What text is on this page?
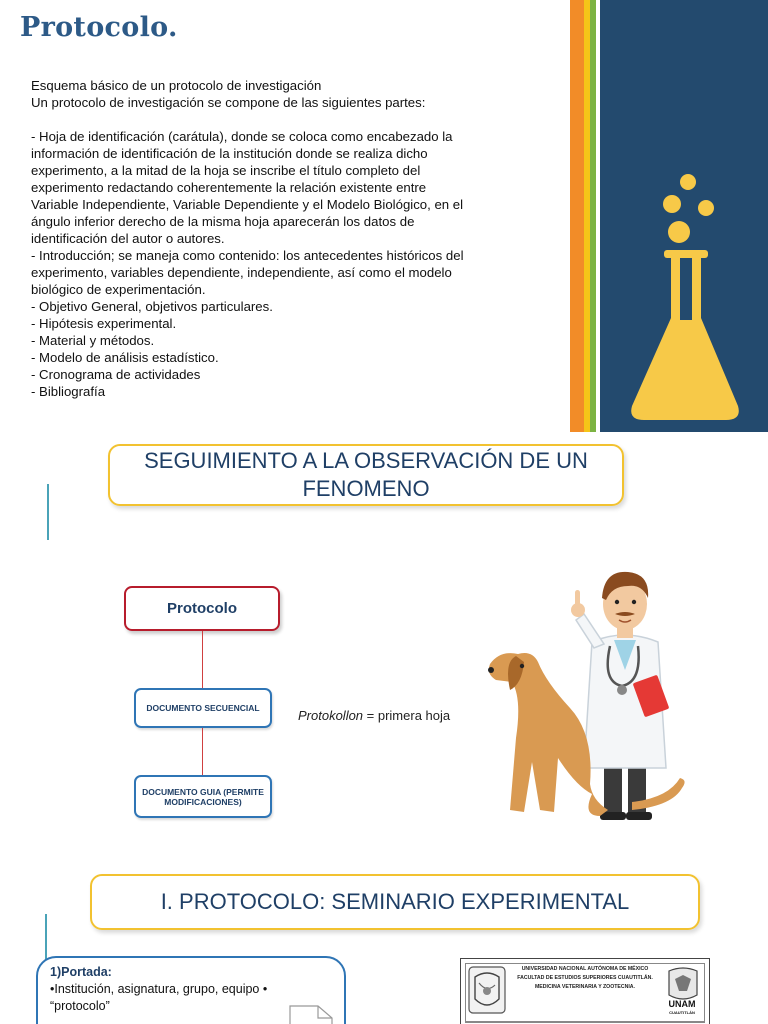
Protocolo.
Esquema básico de un protocolo de investigación
Un protocolo de investigación se compone de las siguientes partes:
- Hoja de identificación (carátula), donde se coloca como encabezado la
información de identificación de la institución donde se realiza dicho
experimento, a la mitad de la hoja se inscribe el título completo del
experimento redactando coherentemente la relación existente entre
Variable Independiente, Variable Dependiente y el Modelo Biológico, en el
ángulo inferior derecho de la misma hoja aparecerán los datos de
identificación del autor o autores.
- Introducción; se maneja como contenido: los antecedentes históricos del
experimento, variables dependiente, independiente, así como el modelo
biológico de experimentación.
- Objetivo General, objetivos particulares.
- Hipótesis experimental.
- Material y métodos.
- Modelo de análisis estadístico.
- Cronograma de actividades
- Bibliografía
SEGUIMIENTO A LA OBSERVACIÓN DE UN FENOMENO
Protocolo
DOCUMENTO SECUENCIAL
DOCUMENTO GUIA (PERMITE MODIFICACIONES)
Protokollon = primera hoja
I. PROTOCOLO: SEMINARIO EXPERIMENTAL
1)Portada:
•Institución, asignatura, grupo, equipo •
“protocolo”
UNIVERSIDAD NACIONAL AUTÓNOMA DE MÉXICO
FACULTAD DE ESTUDIOS SUPERIORES CUAUTITLÁN.
MEDICINA VETERINARIA Y ZOOTECNIA.
UNAM
CUAUTITLÁN
